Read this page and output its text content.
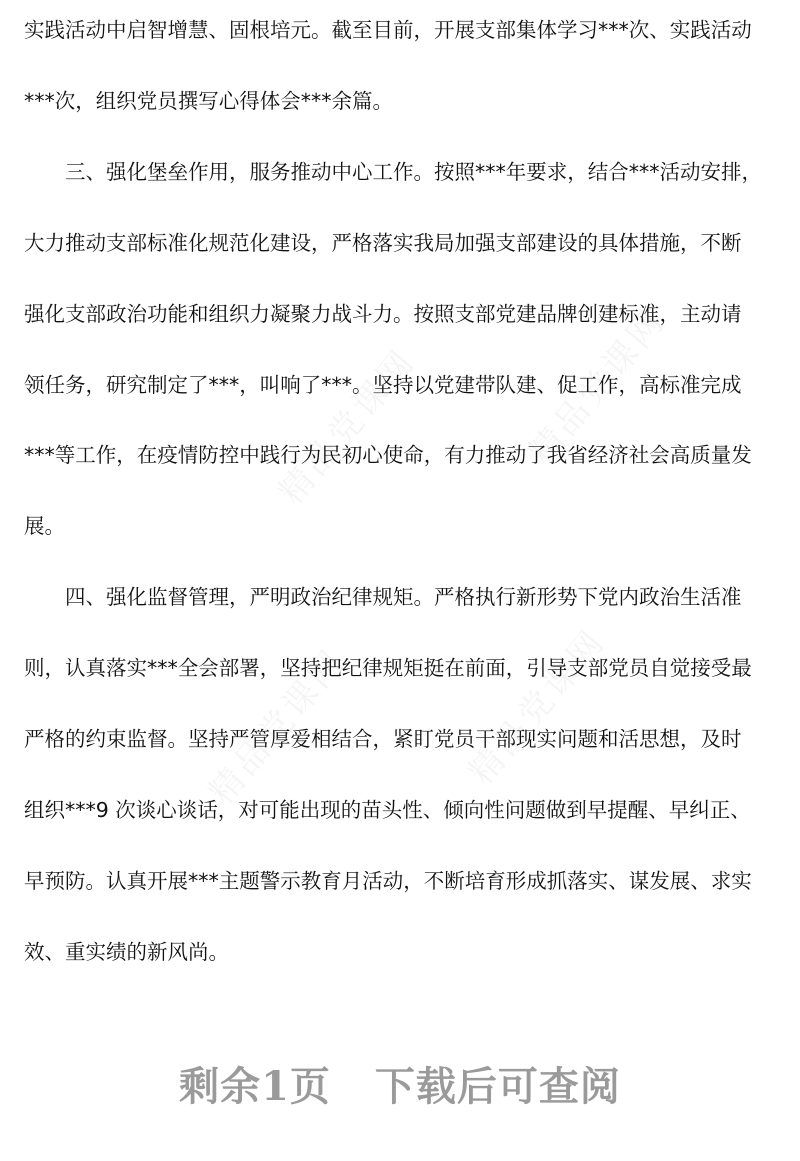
实践活动中启智增慧、固根培元。截至目前，开展支部集体学习***次、实践活动
***次，组织党员撰写心得体会***余篇。
三、强化堡垒作用，服务推动中心工作。按照***年要求，结合***活动安排，
大力推动支部标准化规范化建设，严格落实我局加强支部建设的具体措施，不断
强化支部政治功能和组织力凝聚力战斗力。按照支部党建品牌创建标准，主动请
领任务，研究制定了***，叫响了***。坚持以党建带队建、促工作，高标准完成
***等工作，在疫情防控中践行为民初心使命，有力推动了我省经济社会高质量发
展。
四、强化监督管理，严明政治纪律规矩。严格执行新形势下党内政治生活准
则，认真落实***全会部署，坚持把纪律规矩挺在前面，引导支部党员自觉接受最
严格的约束监督。坚持严管厚爱相结合，紧盯党员干部现实问题和活思想，及时
组织***9 次谈心谈话，对可能出现的苗头性、倾向性问题做到早提醒、早纠正、
早预防。认真开展***主题警示教育月活动，不断培育形成抓落实、谋发展、求实
效、重实绩的新风尚。
剩余1页 下载后可查阅
